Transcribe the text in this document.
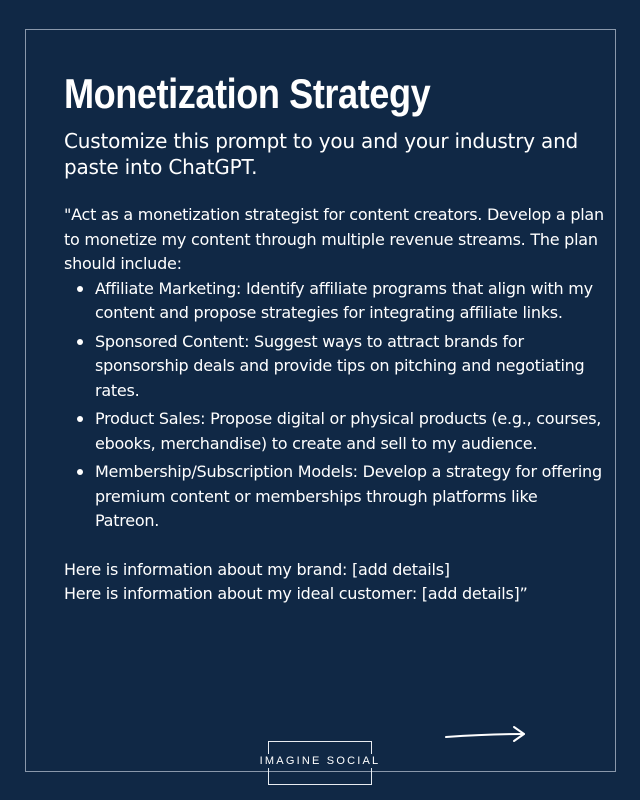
Monetization Strategy

Customize this prompt to you and your industry and paste into ChatGPT.

"Act as a monetization strategist for content creators. Develop a plan to monetize my content through multiple revenue streams. The plan should include:

Affiliate Marketing: Identify affiliate programs that align with my content and propose strategies for integrating affiliate links.
Sponsored Content: Suggest ways to attract brands for sponsorship deals and provide tips on pitching and negotiating rates.
Product Sales: Propose digital or physical products (e.g., courses, ebooks, merchandise) to create and sell to my audience.
Membership/Subscription Models: Develop a strategy for offering premium content or memberships through platforms like Patreon.

Here is information about my brand: [add details]

Here is information about my ideal customer: [add details]”

IMAGINE SOCIAL
